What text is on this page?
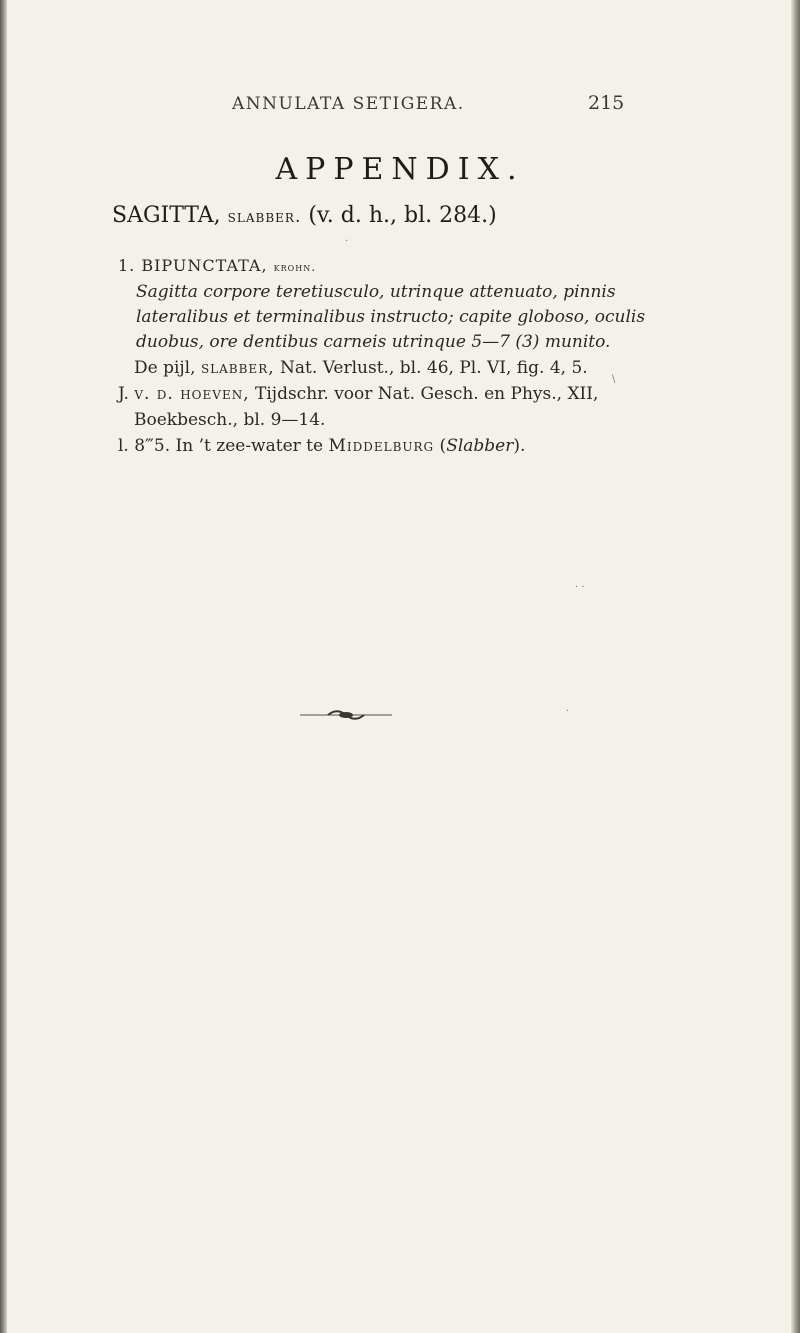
ANNULATA SETIGERA.	215
APPENDIX.
SAGITTA, slabber. (v. d. h., bl. 284.)
1. BIPUNCTATA, krohn.
Sagitta corpore teretiusculo, utrinque attenuato, pinnis
lateralibus et terminalibus instructo; capite globoso, oculis
duobus, ore dentibus carneis utrinque 5—7 (3) munito.
De pijl, slabber, Nat. Verlust., bl. 46, Pl. VI, fig. 4, 5.
J. v. d. hoeven, Tijdschr. voor Nat. Gesch. en Phys., XII,
Boekbesch., bl. 9—14.
l. 8‴5. In ’t zee-water te Middelburg (Slabber).
·
\
· ·
·
